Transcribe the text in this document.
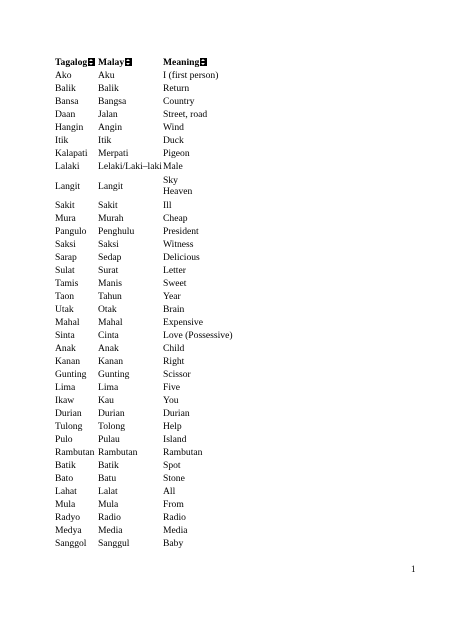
Tagalog	Malay	Meaning
Ako	Aku	I (first person)
Balik	Balik	Return
Bansa	Bangsa	Country
Daan	Jalan	Street, road
Hangin	Angin	Wind
Itik	Itik	Duck
Kalapati	Merpati	Pigeon
Lalaki	Lelaki/Laki–laki	Male
Langit	Langit	Sky
Heaven

Sakit	Sakit	Ill
Mura	Murah	Cheap
Pangulo	Penghulu	President
Saksi	Saksi	Witness
Sarap	Sedap	Delicious
Sulat	Surat	Letter
Tamis	Manis	Sweet
Taon	Tahun	Year
Utak	Otak	Brain
Mahal	Mahal	Expensive
Sinta	Cinta	Love (Possessive)
Anak	Anak	Child
Kanan	Kanan	Right
Gunting	Gunting	Scissor
Lima	Lima	Five
Ikaw	Kau	You
Durian	Durian	Durian
Tulong	Tolong	Help
Pulo	Pulau	Island
Rambutan	Rambutan	Rambutan
Batik	Batik	Spot
Bato	Batu	Stone
Lahat	Lalat	All
Mula	Mula	From
Radyo	Radio	Radio
Medya	Media	Media
Sanggol	Sanggul	Baby
1
